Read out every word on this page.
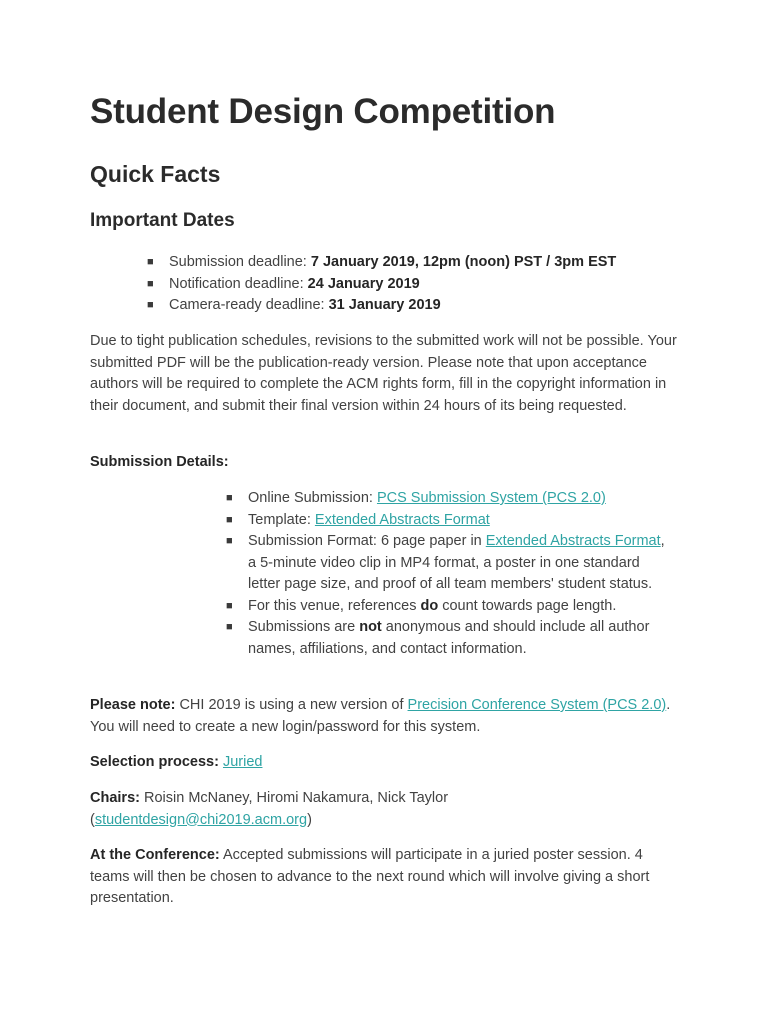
Student Design Competition
Quick Facts
Important Dates
■ Submission deadline: 7 January 2019, 12pm (noon) PST / 3pm EST
■ Notification deadline: 24 January 2019
■ Camera-ready deadline: 31 January 2019

Due to tight publication schedules, revisions to the submitted work will not be possible. Your submitted PDF will be the publication-ready version. Please note that upon acceptance authors will be required to complete the ACM rights form, fill in the copyright information in their document, and submit their final version within 24 hours of its being requested.

Submission Details:

■ Online Submission: PCS Submission System (PCS 2.0)
■ Template: Extended Abstracts Format
■ Submission Format: 6 page paper in Extended Abstracts Format, a 5-minute video clip in MP4 format, a poster in one standard letter page size, and proof of all team members' student status.
■ For this venue, references do count towards page length.
■ Submissions are not anonymous and should include all author names, affiliations, and contact information.

Please note: CHI 2019 is using a new version of Precision Conference System (PCS 2.0). You will need to create a new login/password for this system.

Selection process: Juried

Chairs: Roisin McNaney, Hiromi Nakamura, Nick Taylor
(studentdesign@chi2019.acm.org)

At the Conference: Accepted submissions will participate in a juried poster session. 4 teams will then be chosen to advance to the next round which will involve giving a short presentation.
